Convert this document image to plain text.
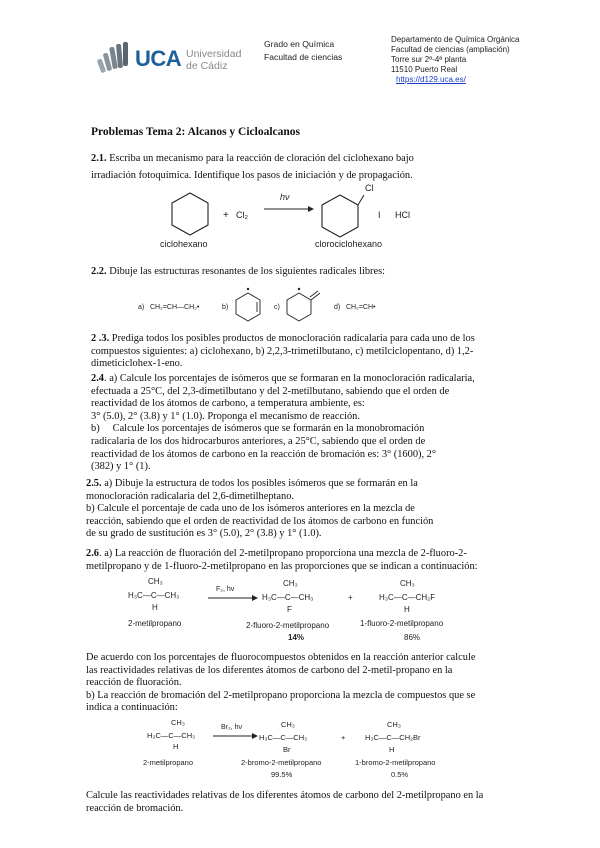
UCA Universidad
de Cádiz
Grado en Química
Facultad de ciencias
Departamento de Química Orgánica
Facultad de ciencias (ampliación)
Torre sur 2º-4ª planta
11510 Puerto Real
https://d129.uca.es/
Problemas Tema 2: Alcanos y Cicloalcanos
2.1. Escriba un mecanismo para la reacción de cloración del ciclohexano bajo
irradiación fotoquímica. Identifique los pasos de iniciación y de propagación.
+ Cl₂
hν
Cl
I HCl
ciclohexano	clorociclohexano
2.2. Dibuje las estructuras resonantes de los siguientes radicales libres:
a) CH₂=CH—CH₂•	b)	c)	d) CH₂=CH•
2 .3. Prediga todos los posibles productos de monocloración radicalaria para cada uno de los
compuestos siguientes: a) ciclohexano, b) 2,2,3-trimetilbutano, c) metilciclopentano, d) 1,2-
dimeticiclohex-1-eno.
2.4. a) Calcule los porcentajes de isómeros que se formaran en la monocloración radicalaria,
efectuada a 25°C, del 2,3-dimetilbutano y del 2-metilbutano, sabiendo que el orden de
reactividad de los átomos de carbono, a temperatura ambiente, es:
3° (5.0), 2° (3.8) y 1° (1.0). Proponga el mecanismo de reacción.
b)     Calcule los porcentajes de isómeros que se formarán en la monobromación
radicalaria de los dos hidrocarburos anteriores, a 25°C, sabiendo que el orden de
reactividad de los átomos de carbono en la reacción de bromación es: 3° (1600), 2°
(382) y 1° (1).
2.5. a) Dibuje la estructura de todos los posibles isómeros que se formarán en la
monocloración radicalaria del 2,6-dimetilheptano.
b) Calcule el porcentaje de cada uno de los isómeros anteriores en la mezcla de
reacción, sabiendo que el orden de reactividad de los átomos de carbono en función
de su grado de sustitución es 3° (5.0), 2° (3.8) y 1° (1.0).
2.6. a) La reacción de fluoración del 2-metilpropano proporciona una mezcla de 2-fluoro-2-
metilpropano y de 1-fluoro-2-metilpropano en las proporciones que se indican a continuación:
CH₃
H₃C—C—CH₃
H
F₂, hν
CH₃
H₃C—C—CH₃
F
+
CH₃
H₃C—C—CH₂F
H
2-metilpropano	2-fluoro-2-metilpropano	1-fluoro-2-metilpropano
14%	86%
De acuerdo con los porcentajes de fluorocompuestos obtenidos en la reacción anterior calcule
las reactividades relativas de los diferentes átomos de carbono del 2-metil-propano en la
reacción de fluoración.
b) La reacción de bromación del 2-metilpropano proporciona la mezcla de compuestos que se
indica a continuación:
CH₃
H₃C—C—CH₃
H
Br₂, hν	CH₃
H₃C—C—CH₃
Br
+
CH₃
H₃C—C—CH₂Br
H
2-metilpropano	2-bromo-2-metilpropano	1-bromo-2-metilpropano
99.5%	0.5%
Calcule las reactividades relativas de los diferentes átomos de carbono del 2-metilpropano en la
reacción de bromación.
